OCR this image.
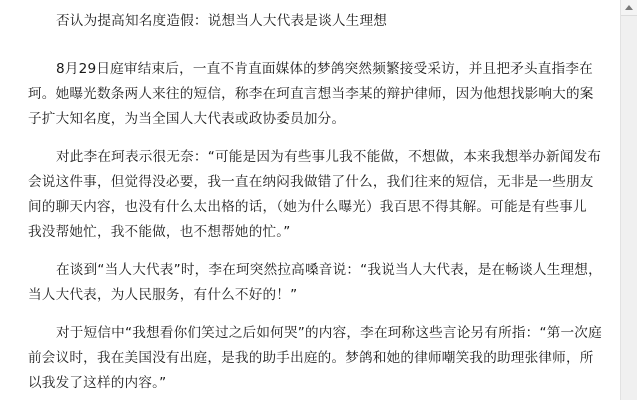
否认为提高知名度造假：说想当人大代表是谈人生理想
8月29日庭审结束后，一直不肯直面媒体的梦鸽突然频繁接受采访，并且把矛头直指李在
珂。她曝光数条两人来往的短信，称李在珂直言想当李某的辩护律师，因为他想找影响大的案
子扩大知名度，为当全国人大代表或政协委员加分。
对此李在珂表示很无奈：“可能是因为有些事儿我不能做，不想做，本来我想举办新闻发布
会说这件事，但觉得没必要，我一直在纳闷我做错了什么，我们往来的短信，无非是一些朋友
间的聊天内容，也没有什么太出格的话，（她为什么曝光）我百思不得其解。可能是有些事儿
我没帮她忙，我不能做，也不想帮她的忙。”
在谈到“当人大代表”时，李在珂突然拉高嗓音说：“我说当人大代表，是在畅谈人生理想，
当人大代表，为人民服务，有什么不好的！”
对于短信中“我想看你们笑过之后如何哭”的内容，李在珂称这些言论另有所指：“第一次庭
前会议时，我在美国没有出庭，是我的助手出庭的。梦鸽和她的律师嘲笑我的助理张律师，所
以我发了这样的内容。”
